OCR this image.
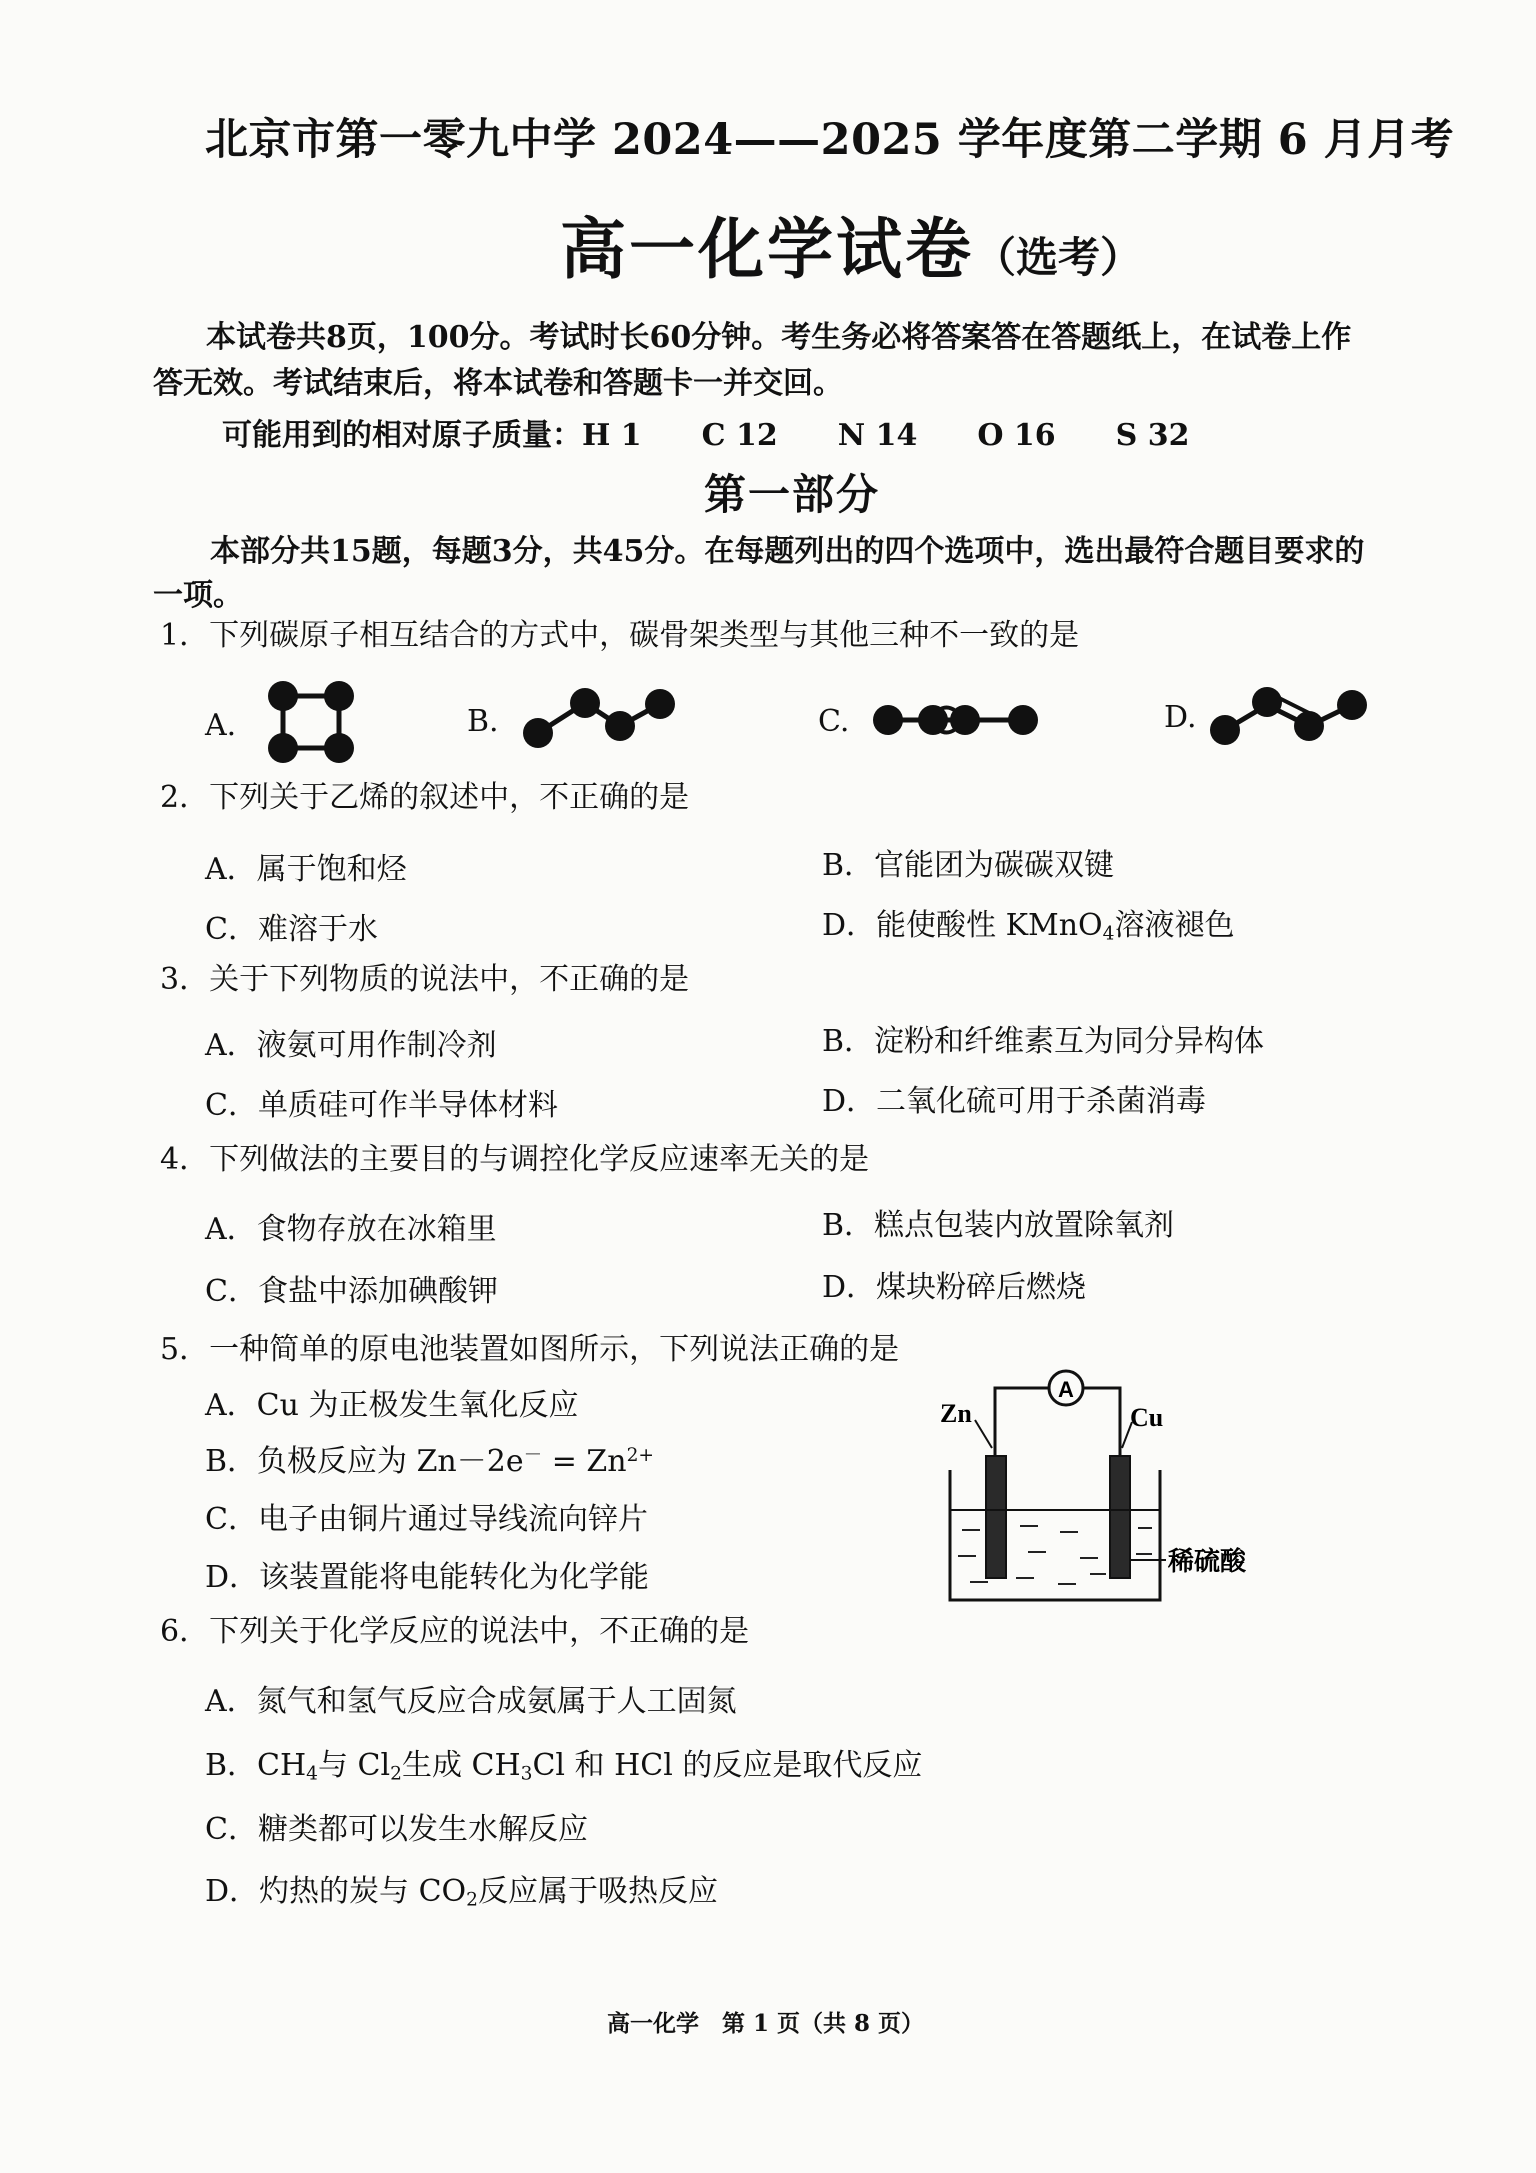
北京市第一零九中学 2024——2025 学年度第二学期 6 月月考
高一化学试卷（选考）
本试卷共8页，100分。考试时长60分钟。考生务必将答案答在答题纸上，在试卷上作
答无效。考试结束后，将本试卷和答题卡一并交回。
可能用到的相对原子质量：H 1　　C 12　　N 14　　O 16　　S 32
第一部分
本部分共15题，每题3分，共45分。在每题列出的四个选项中，选出最符合题目要求的
一项。
1．下列碳原子相互结合的方式中，碳骨架类型与其他三种不一致的是
A.	B.	C.	D.
2．下列关于乙烯的叙述中，不正确的是
A．属于饱和烃	B．官能团为碳碳双键
C．难溶于水	D．能使酸性 KMnO$_4$溶液褪色
3．关于下列物质的说法中，不正确的是
A．液氨可用作制冷剂	B．淀粉和纤维素互为同分异构体
C．单质硅可作半导体材料	D．二氧化硫可用于杀菌消毒
4．下列做法的主要目的与调控化学反应速率无关的是
A．食物存放在冰箱里	B．糕点包装内放置除氧剂
C．食盐中添加碘酸钾	D．煤块粉碎后燃烧
5．一种简单的原电池装置如图所示，下列说法正确的是
A．Cu 为正极发生氧化反应
B．负极反应为 $Zn-2e^- = Zn^{2+}$
C．电子由铜片通过导线流向锌片
D．该装置能将电能转化为化学能
A
Zn	Cu
稀硫酸
6．下列关于化学反应的说法中，不正确的是
A．氮气和氢气反应合成氨属于人工固氮
B．$CH_4$与 $Cl_2$生成 $CH_3Cl$ 和 HCl 的反应是取代反应
C．糖类都可以发生水解反应
D．灼热的炭与 $CO_2$反应属于吸热反应
高一化学　第 1 页（共 8 页）
